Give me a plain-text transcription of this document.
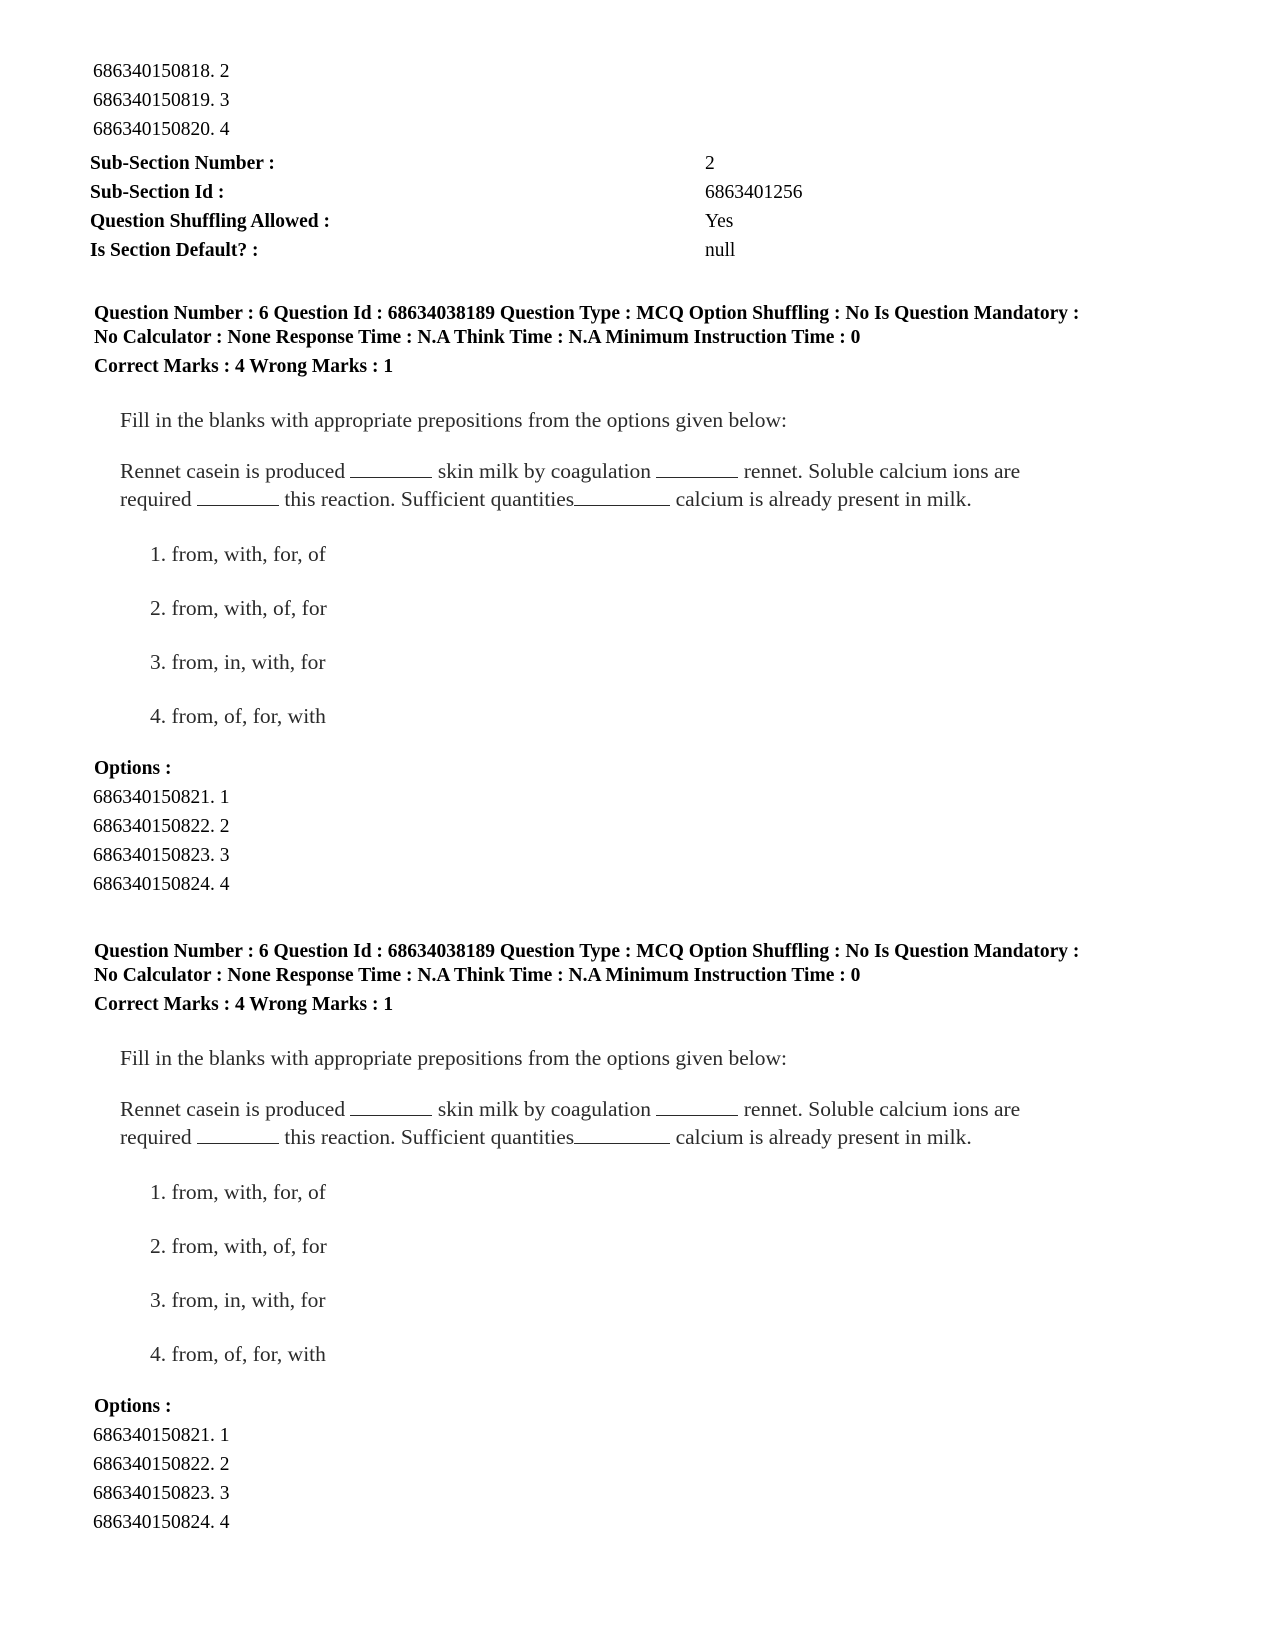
686340150818. 2
686340150819. 3
686340150820. 4
Sub-Section Number :	2
Sub-Section Id :	6863401256
Question Shuffling Allowed :	Yes
Is Section Default? :	null
Question Number : 6 Question Id : 68634038189 Question Type : MCQ Option Shuffling : No Is Question Mandatory :
No Calculator : None Response Time : N.A Think Time : N.A Minimum Instruction Time : 0
Correct Marks : 4 Wrong Marks : 1
Fill in the blanks with appropriate prepositions from the options given below:
Rennet casein is produced	skin milk by coagulation	rennet. Soluble calcium ions are
required	this reaction. Sufficient quantities	calcium is already present in milk.
1. from, with, for, of
2. from, with, of, for
3. from, in, with, for
4. from, of, for, with
Options :
686340150821. 1
686340150822. 2
686340150823. 3
686340150824. 4
Question Number : 6 Question Id : 68634038189 Question Type : MCQ Option Shuffling : No Is Question Mandatory :
No Calculator : None Response Time : N.A Think Time : N.A Minimum Instruction Time : 0
Correct Marks : 4 Wrong Marks : 1
Fill in the blanks with appropriate prepositions from the options given below:
Rennet casein is produced	skin milk by coagulation	rennet. Soluble calcium ions are
required	this reaction. Sufficient quantities	calcium is already present in milk.
1. from, with, for, of
2. from, with, of, for
3. from, in, with, for
4. from, of, for, with
Options :
686340150821. 1
686340150822. 2
686340150823. 3
686340150824. 4
